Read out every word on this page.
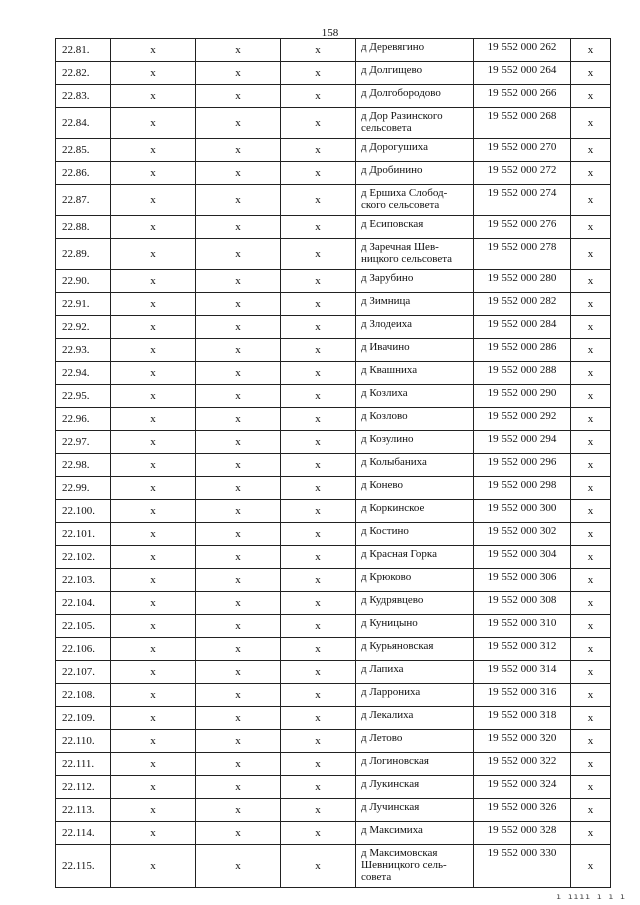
158
22.81.	x	x	x	д Деревягино	19 552 000 262	x
22.82.	x	x	x	д Долгищево	19 552 000 264	x
22.83.	x	x	x	д Долгобородово	19 552 000 266	x
22.84.	x	x	x	д Дор Разинского сельсовета	19 552 000 268	x
22.85.	x	x	x	д Дорогушиха	19 552 000 270	x
22.86.	x	x	x	д Дробинино	19 552 000 272	x
22.87.	x	x	x	д Ершиха Слобод-ского сельсовета	19 552 000 274	x
22.88.	x	x	x	д Есиповская	19 552 000 276	x
22.89.	x	x	x	д Заречная Шев-ницкого сельсовета	19 552 000 278	x
22.90.	x	x	x	д Зарубино	19 552 000 280	x
22.91.	x	x	x	д Зимница	19 552 000 282	x
22.92.	x	x	x	д Злодеиха	19 552 000 284	x
22.93.	x	x	x	д Ивачино	19 552 000 286	x
22.94.	x	x	x	д Квашниха	19 552 000 288	x
22.95.	x	x	x	д Козлиха	19 552 000 290	x
22.96.	x	x	x	д Козлово	19 552 000 292	x
22.97.	x	x	x	д Козулино	19 552 000 294	x
22.98.	x	x	x	д Колыбаниха	19 552 000 296	x
22.99.	x	x	x	д Конево	19 552 000 298	x
22.100.	x	x	x	д Коркинское	19 552 000 300	x
22.101.	x	x	x	д Костино	19 552 000 302	x
22.102.	x	x	x	д Красная Горка	19 552 000 304	x
22.103.	x	x	x	д Крюково	19 552 000 306	x
22.104.	x	x	x	д Кудрявцево	19 552 000 308	x
22.105.	x	x	x	д Куницыно	19 552 000 310	x
22.106.	x	x	x	д Курьяновская	19 552 000 312	x
22.107.	x	x	x	д Лапиха	19 552 000 314	x
22.108.	x	x	x	д Ларрониха	19 552 000 316	x
22.109.	x	x	x	д Лекалиха	19 552 000 318	x
22.110.	x	x	x	д Летово	19 552 000 320	x
22.111.	x	x	x	д Логиновская	19 552 000 322	x
22.112.	x	x	x	д Лукинская	19 552 000 324	x
22.113.	x	x	x	д Лучинская	19 552 000 326	x
22.114.	x	x	x	д Максимиха	19 552 000 328	x
22.115.	x	x	x	д Максимовская Шевницкого сель-совета	19 552 000 330	x
ı ıııı ı ı ı
